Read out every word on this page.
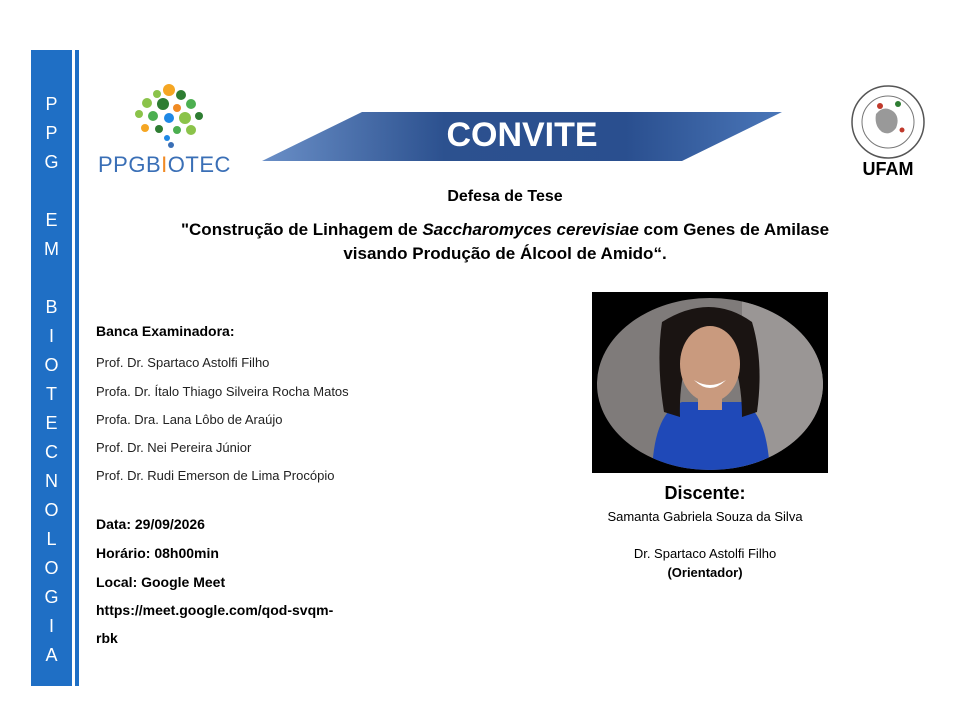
P
P
G
E
M
B
I
O
T
E
C
N
O
L
O
G
I
A
PPGBIOTEC
CONVITE
UFAM
Defesa de Tese
"Construção de Linhagem de Saccharomyces cerevisiae com Genes de Amilase visando Produção de Álcool de Amido“.
Banca Examinadora:
Prof. Dr. Spartaco Astolfi Filho
Profa. Dr. Ítalo Thiago Silveira Rocha Matos
Profa. Dra. Lana Lôbo de Araújo
Prof. Dr. Nei Pereira Júnior
Prof. Dr. Rudi Emerson de Lima Procópio
Data: 29/09/2026
Horário: 08h00min
Local: Google Meet
https://meet.google.com/qod-svqm-
rbk
Discente:
Samanta Gabriela Souza da Silva
Dr. Spartaco Astolfi Filho
(Orientador)
